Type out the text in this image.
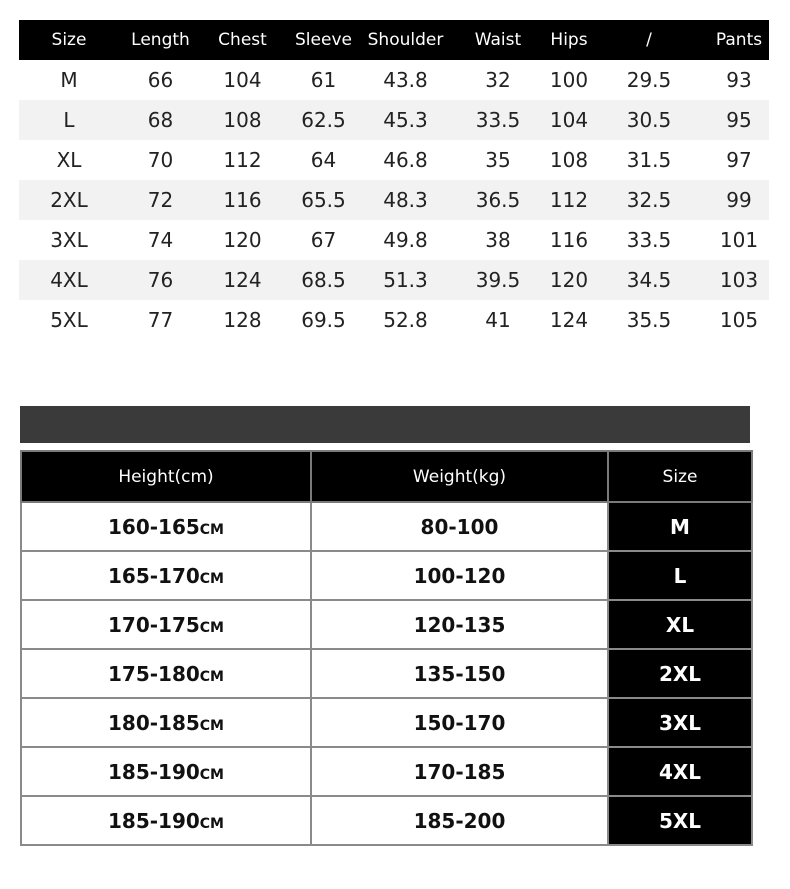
Size	Length	Chest	Sleeve	Shoulder	Waist	Hips	/	Pants
M	66	104	61	43.8	32	100	29.5	93
L	68	108	62.5	45.3	33.5	104	30.5	95
XL	70	112	64	46.8	35	108	31.5	97
2XL	72	116	65.5	48.3	36.5	112	32.5	99
3XL	74	120	67	49.8	38	116	33.5	101
4XL	76	124	68.5	51.3	39.5	120	34.5	103
5XL	77	128	69.5	52.8	41	124	35.5	105
Height(cm)	Weight(kg)	Size
160-165CM	80-100	M
165-170CM	100-120	L
170-175CM	120-135	XL
175-180CM	135-150	2XL
180-185CM	150-170	3XL
185-190CM	170-185	4XL
185-190CM	185-200	5XL
